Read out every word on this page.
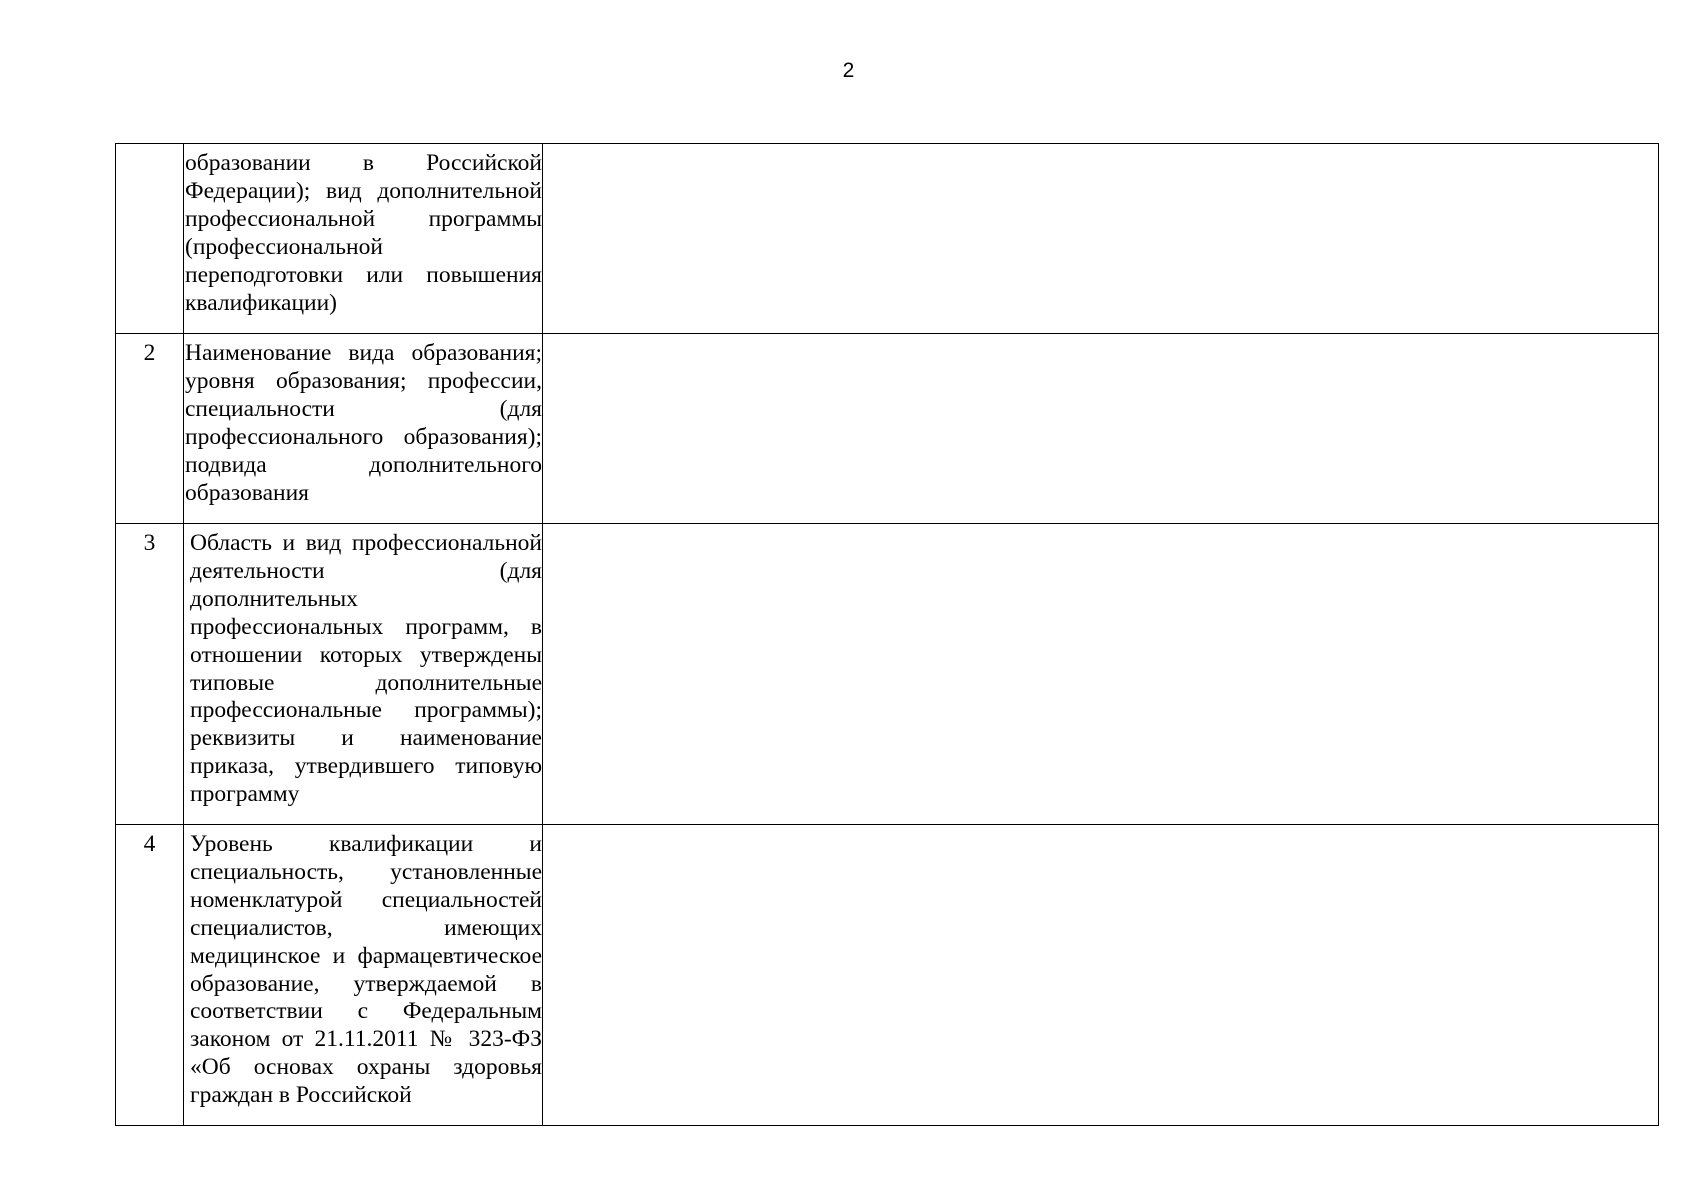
2

	образовании в Российской Федерации); вид дополнительной профессиональной программы (профессиональной переподготовки или повышения квалификации)	

2	Наименование вида образования; уровня образования; профессии, специальности (для профессионального образования); подвида дополнительного образования	

3	Область и вид профессиональной деятельности (для дополнительных профессиональных программ, в отношении которых утверждены типовые дополнительные профессиональные программы); реквизиты и наименование приказа, утвердившего типовую программу	

4	Уровень квалификации и специальность, установленные номенклатурой специальностей специалистов, имеющих медицинское и фармацевтическое образование, утверждаемой в соответствии с Федеральным законом от 21.11.2011 № 323-ФЗ «Об основах охраны здоровья граждан в Российской	
